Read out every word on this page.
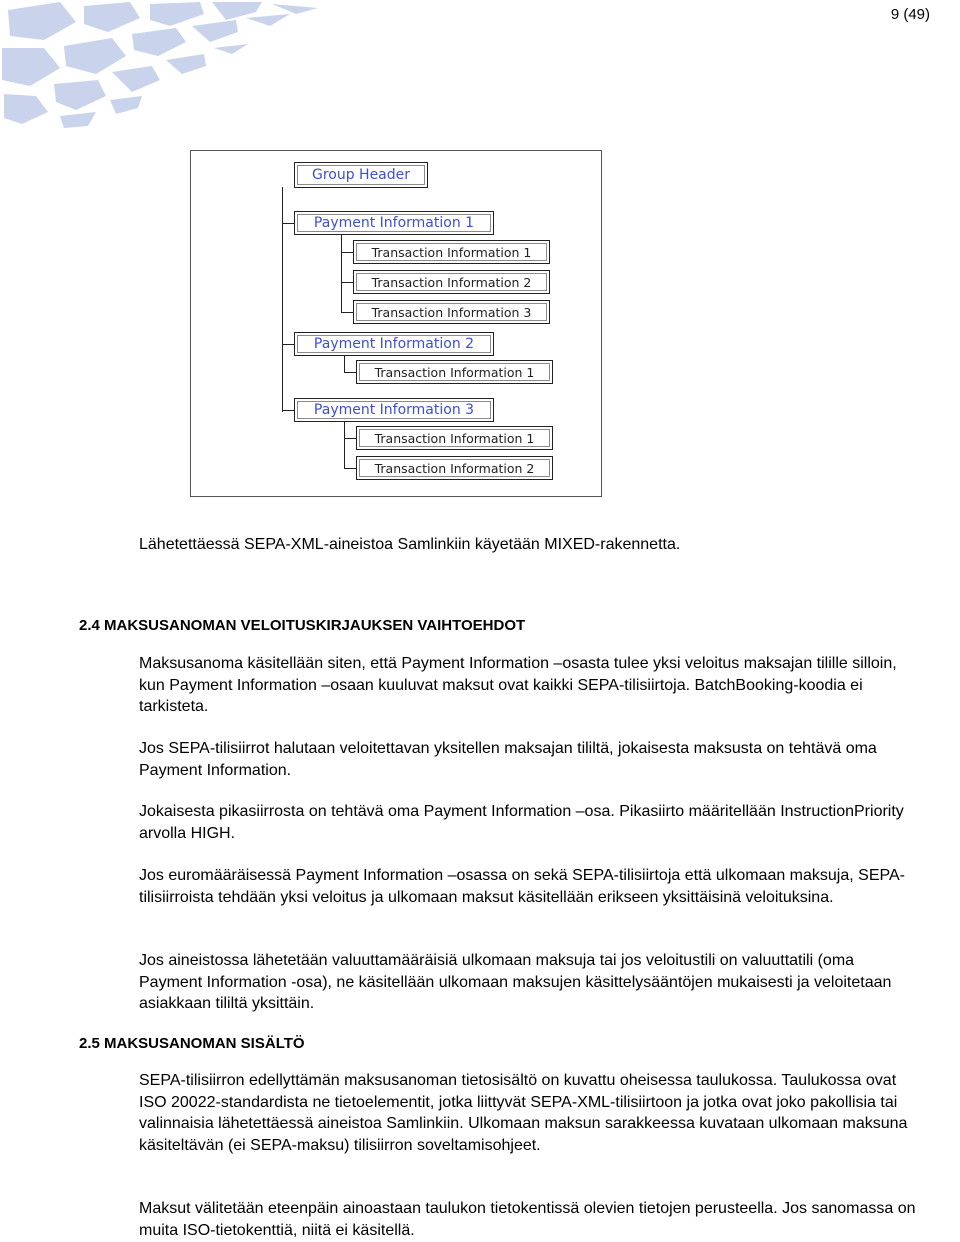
9 (49)
Group Header
Payment Information 1
Transaction Information 1
Transaction Information 2
Transaction Information 3
Payment Information 2
Transaction Information 1
Payment Information 3
Transaction Information 1
Transaction Information 2
Lähetettäessä SEPA-XML-aineistoa Samlinkiin käyetään MIXED-rakennetta.
2.4 MAKSUSANOMAN VELOITUSKIRJAUKSEN VAIHTOEHDOT
Maksusanoma käsitellään siten, että Payment Information –osasta tulee yksi veloitus maksajan tilille silloin, kun Payment Information –osaan kuuluvat maksut ovat kaikki SEPA-tilisiirtoja. BatchBooking-koodia ei tarkisteta.
Jos SEPA-tilisiirrot halutaan veloitettavan yksitellen maksajan tililtä, jokaisesta maksusta on tehtävä oma Payment Information.
Jokaisesta pikasiirrosta on tehtävä oma Payment Information –osa. Pikasiirto määritellään InstructionPriority arvolla HIGH.
Jos euromääräisessä Payment Information –osassa on sekä SEPA-tilisiirtoja että ulkomaan maksuja, SEPA-tilisiirroista tehdään yksi veloitus ja ulkomaan maksut käsitellään erikseen yksittäisinä veloituksina.
Jos aineistossa lähetetään valuuttamääräisiä ulkomaan maksuja tai jos veloitustili on valuuttatili (oma Payment Information -osa), ne käsitellään ulkomaan maksujen käsittelysääntöjen mukaisesti ja veloitetaan asiakkaan tililtä yksittäin.
2.5 MAKSUSANOMAN SISÄLTÖ
SEPA-tilisiirron edellyttämän maksusanoman tietosisältö on kuvattu oheisessa taulukossa. Taulukossa ovat ISO 20022-standardista ne tietoelementit, jotka liittyvät SEPA-XML-tilisiirtoon ja jotka ovat joko pakollisia tai valinnaisia lähetettäessä aineistoa Samlinkiin. Ulkomaan maksun sarakkeessa kuvataan ulkomaan maksuna käsiteltävän (ei SEPA-maksu) tilisiirron soveltamisohjeet.
Maksut välitetään eteenpäin ainoastaan taulukon tietokentissä olevien tietojen perusteella. Jos sanomassa on muita ISO-tietokenttiä, niitä ei käsitellä.
